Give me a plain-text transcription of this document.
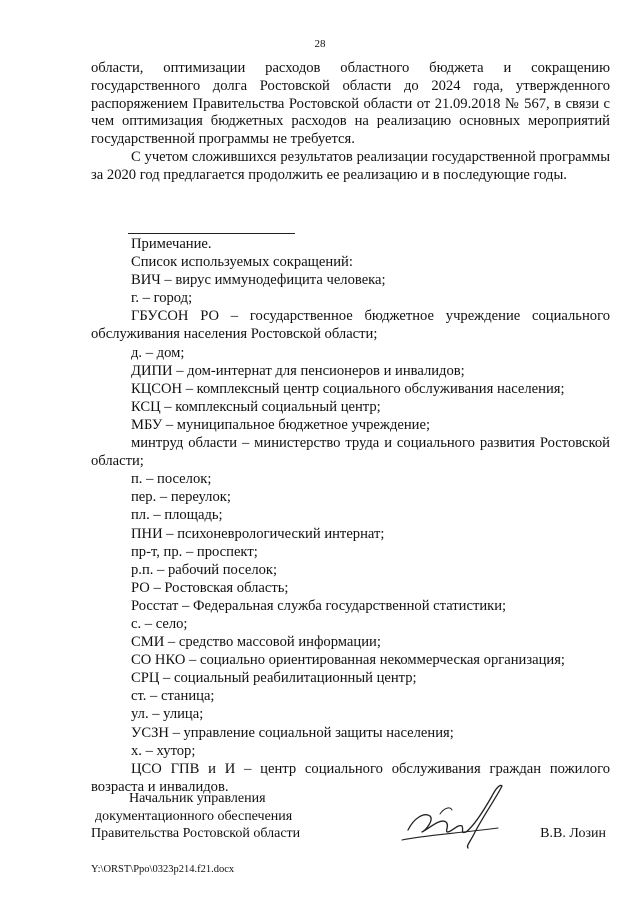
28

области, оптимизации расходов областного бюджета и сокращению государственного долга Ростовской области до 2024 года, утвержденного распоряжением Правительства Ростовской области от 21.09.2018 № 567, в связи с чем оптимизация бюджетных расходов на реализацию основных мероприятий государственной программы не требуется.

С учетом сложившихся результатов реализации государственной программы за 2020 год предлагается продолжить ее реализацию и в последующие годы.

Примечание.

Список используемых сокращений:

ВИЧ – вирус иммунодефицита человека;

г. – город;

ГБУСОН РО – государственное бюджетное учреждение социального обслуживания населения Ростовской области;

д. – дом;

ДИПИ – дом-интернат для пенсионеров и инвалидов;

КЦСОН – комплексный центр социального обслуживания населения;

КСЦ – комплексный социальный центр;

МБУ – муниципальное бюджетное учреждение;

минтруд области – министерство труда и социального развития Ростовской области;

п. – поселок;

пер. – переулок;

пл. – площадь;

ПНИ – психоневрологический интернат;

пр-т, пр. – проспект;

р.п. – рабочий поселок;

РО – Ростовская область;

Росстат – Федеральная служба государственной статистики;

с. – село;

СМИ – средство массовой информации;

СО НКО – социально ориентированная некоммерческая организация;

СРЦ – социальный реабилитационный центр;

ст. – станица;

ул. – улица;

УСЗН – управление социальной защиты населения;

х. – хутор;

ЦСО ГПВ и И – центр социального обслуживания граждан пожилого возраста и инвалидов.

Начальник управления
документационного обеспечения
Правительства Ростовской области	В.В. Лозин
Y:\ORST\Ppo\0323p214.f21.docx
